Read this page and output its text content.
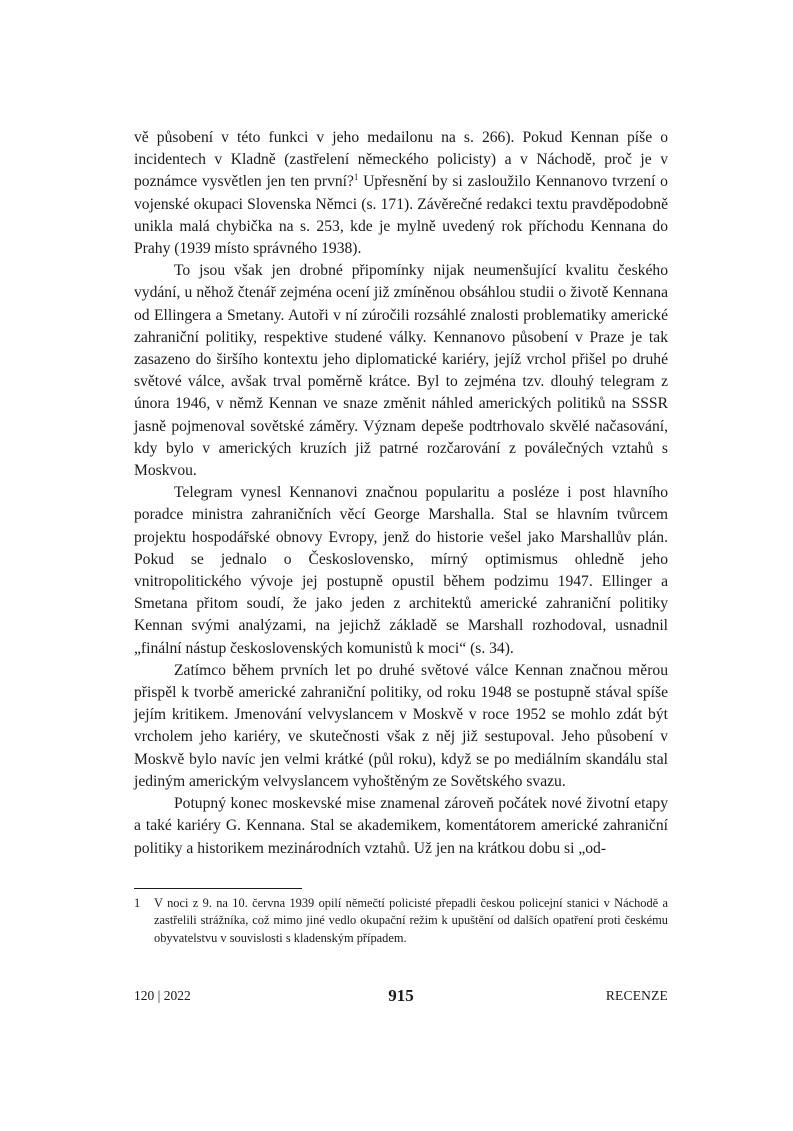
vě působení v této funkci v jeho medailonu na s. 266). Pokud Kennan píše o incidentech v Kladně (zastřelení německého policisty) a v Náchodě, proč je v poznámce vysvětlen jen ten první?$^1$ Upřesnění by si zasloužilo Kennanovo tvrzení o vojenské okupaci Slovenska Němci (s. 171). Závěrečné redakci textu pravděpodobně unikla malá chybička na s. 253, kde je mylně uvedený rok příchodu Kennana do Prahy (1939 místo správného 1938).

To jsou však jen drobné připomínky nijak neumenšující kvalitu českého vydání, u něhož čtenář zejména ocení již zmíněnou obsáhlou studii o životě Kennana od Ellingera a Smetany. Autoři v ní zúročili rozsáhlé znalosti problematiky americké zahraniční politiky, respektive studené války. Kennanovo působení v Praze je tak zasazeno do širšího kontextu jeho diplomatické kariéry, jejíž vrchol přišel po druhé světové válce, avšak trval poměrně krátce. Byl to zejména tzv. dlouhý telegram z února 1946, v němž Kennan ve snaze změnit náhled amerických politiků na SSSR jasně pojmenoval sovětské záměry. Význam depeše podtrhovalo skvělé načasování, kdy bylo v amerických kruzích již patrné rozčarování z poválečných vztahů s Moskvou.

Telegram vynesl Kennanovi značnou popularitu a posléze i post hlavního poradce ministra zahraničních věcí George Marshalla. Stal se hlavním tvůrcem projektu hospodářské obnovy Evropy, jenž do historie vešel jako Marshallův plán. Pokud se jednalo o Československo, mírný optimismus ohledně jeho vnitropolitického vývoje jej postupně opustil během podzimu 1947. Ellinger a Smetana přitom soudí, že jako jeden z architektů americké zahraniční politiky Kennan svými analýzami, na jejichž základě se Marshall rozhodoval, usnadnil „finální nástup československých komunistů k moci“ (s. 34).

Zatímco během prvních let po druhé světové válce Kennan značnou měrou přispěl k tvorbě americké zahraniční politiky, od roku 1948 se postupně stával spíše jejím kritikem. Jmenování velvyslancem v Moskvě v roce 1952 se mohlo zdát být vrcholem jeho kariéry, ve skutečnosti však z něj již sestupoval. Jeho působení v Moskvě bylo navíc jen velmi krátké (půl roku), když se po mediálním skandálu stal jediným americkým velvyslancem vyhoštěným ze Sovětského svazu.

Potupný konec moskevské mise znamenal zároveň počátek nové životní etapy a také kariéry G. Kennana. Stal se akademikem, komentátorem americké zahraniční politiky a historikem mezinárodních vztahů. Už jen na krátkou dobu si „od-

1	V noci z 9. na 10. června 1939 opilí němečtí policisté přepadli českou policejní stanici v Náchodě a zastřelili strážníka, což mimo jiné vedlo okupační režim k upuštění od dalších opatření proti českému obyvatelstvu v souvislosti s kladenským případem.
120 | 2022	915	RECENZE
